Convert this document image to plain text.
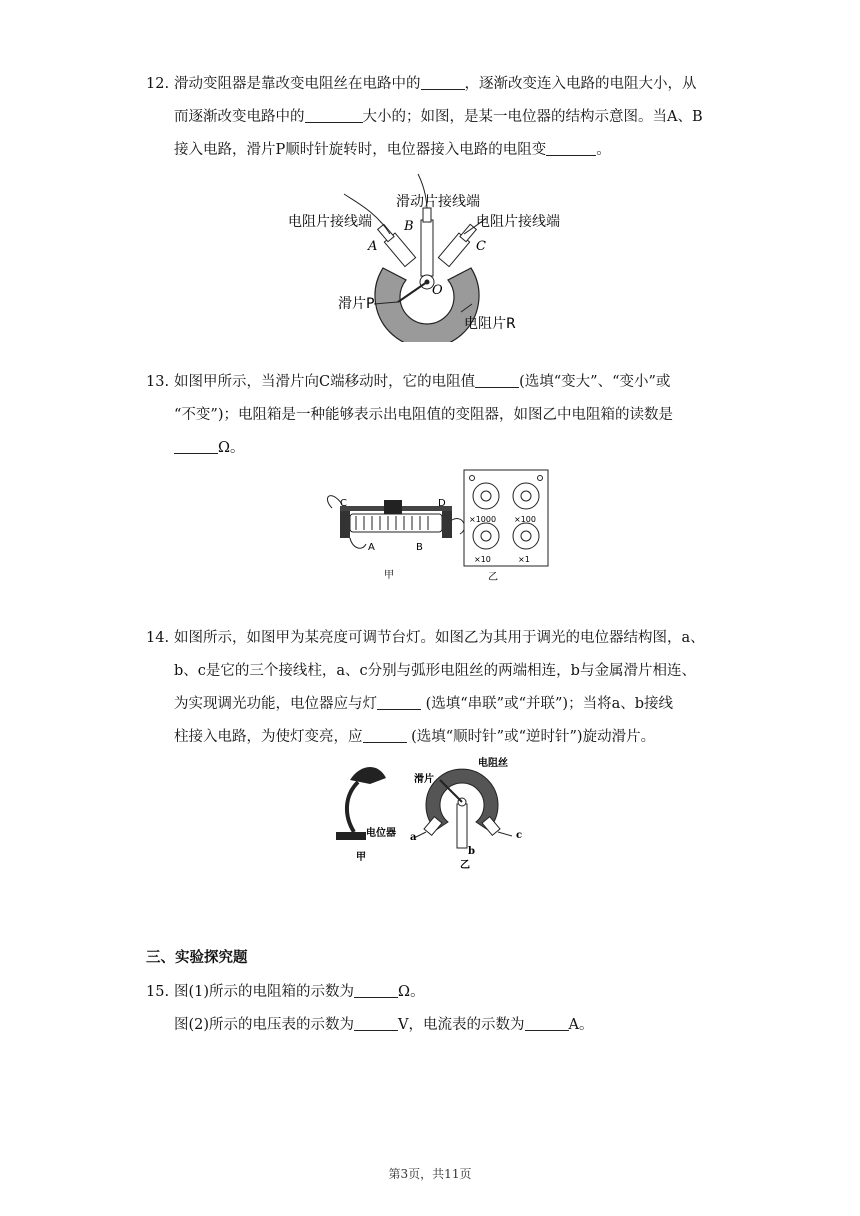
12. 滑动变阻器是靠改变电阻丝在电路中的	，逐渐改变连入电路的电阻大小，从
而逐渐改变电路中的	大小的；如图，是某一电位器的结构示意图。当A、B
接入电路，滑片P顺时针旋转时，电位器接入电路的电阻变	。
滑动片接线端
电阻片接线端	电阻片接线端
A
B
C
O
滑片P
电阻片R
13. 如图甲所示，当滑片向C端移动时，它的电阻值	(选填“变大”、“变小”或
“不变”)；电阻箱是一种能够表示出电阻值的变阻器，如图乙中电阻箱的读数是
Ω。
C	D
A	B
甲
×1000 ×100
×10	×1
乙
14. 如图所示，如图甲为某亮度可调节台灯。如图乙为其用于调光的电位器结构图，a、
b、c是它的三个接线柱，a、c分别与弧形电阻丝的两端相连，b与金属滑片相连、
为实现调光功能，电位器应与灯	(选填“串联”或“并联”)；当将a、b接线
柱接入电路，为使灯变亮，应	(选填“顺时针”或“逆时针”)旋动滑片。
电位器
甲
滑片
电阻丝
a
b
c
乙
三、实验探究题
15. 图(1)所示的电阻箱的示数为	Ω。
图(2)所示的电压表的示数为	V，电流表的示数为	A。
第3页，共11页
